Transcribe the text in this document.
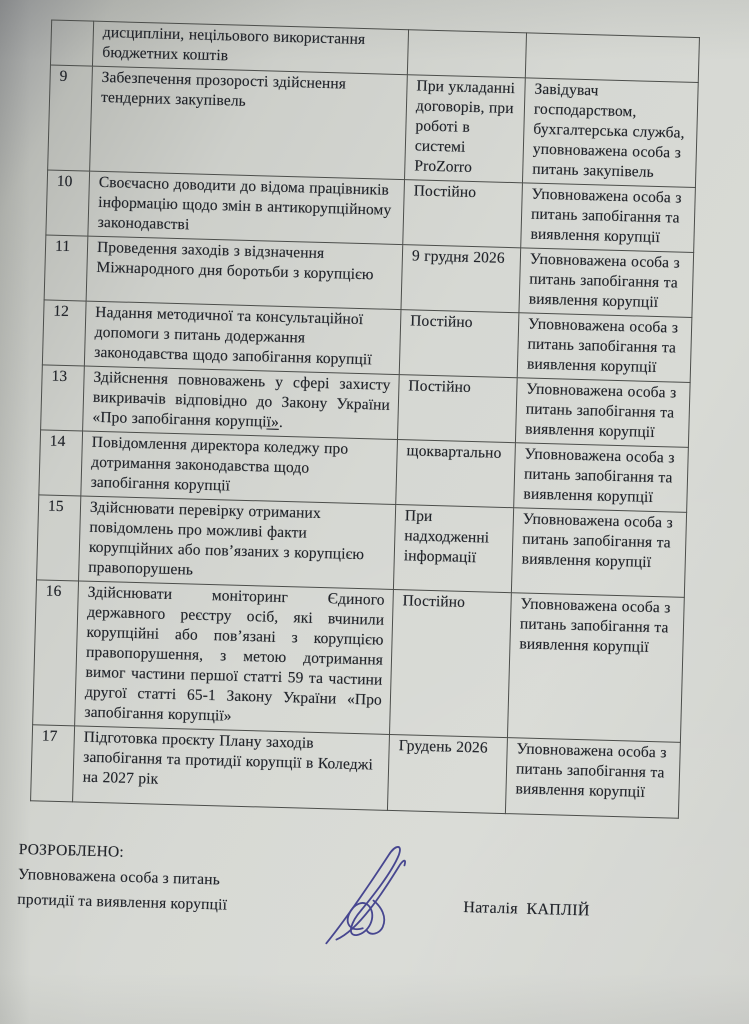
	дисципліни, нецільового використання бюджетних коштів		
9	Забезпечення прозорості здійснення тендерних закупівель	При укладанні договорів, при роботі в системі ProZorro	Завідувач господарством, бухгалтерська служба, уповноважена особа з питань закупівель
10	Своєчасно доводити до відома працівників інформацію щодо змін в антикорупційному законодавстві	Постійно	Уповноважена особа з питань запобігання та виявлення корупції
11	Проведення заходів з відзначення Міжнародного дня боротьби з корупцією	9 грудня 2026	Уповноважена особа з питань запобігання та виявлення корупції
12	Надання методичної та консультаційної допомоги з питань додержання законодавства щодо запобігання корупції	Постійно	Уповноважена особа з питань запобігання та виявлення корупції
13	Здійснення повноважень у сфері захисту викривачів відповідно до Закону України «Про запобігання корупції».	Постійно	Уповноважена особа з питань запобігання та виявлення корупції
14	Повідомлення директора коледжу про дотримання законодавства щодо запобігання корупції	щоквартально	Уповноважена особа з питань запобігання та виявлення корупції
15	Здійснювати перевірку отриманих повідомлень про можливі факти корупційних або пов’язаних з корупцією правопорушень	При надходженні інформації	Уповноважена особа з питань запобігання та виявлення корупції
16	Здійснювати моніторинг Єдиного державного реєстру осіб, які вчинили корупційні або пов’язані з корупцією правопорушення, з метою дотримання вимог частини першої статті 59 та частини другої статті 65-1 Закону України «Про запобігання корупції»	Постійно	Уповноважена особа з питань запобігання та виявлення корупції
17	Підготовка проєкту Плану заходів запобігання та протидії корупції в Коледжі на 2027 рік	Грудень 2026	Уповноважена особа з питань запобігання та виявлення корупції
РОЗРОБЛЕНО:
Уповноважена особа з питань
протидії та виявлення корупції	Наталія  КАПЛІЙ
